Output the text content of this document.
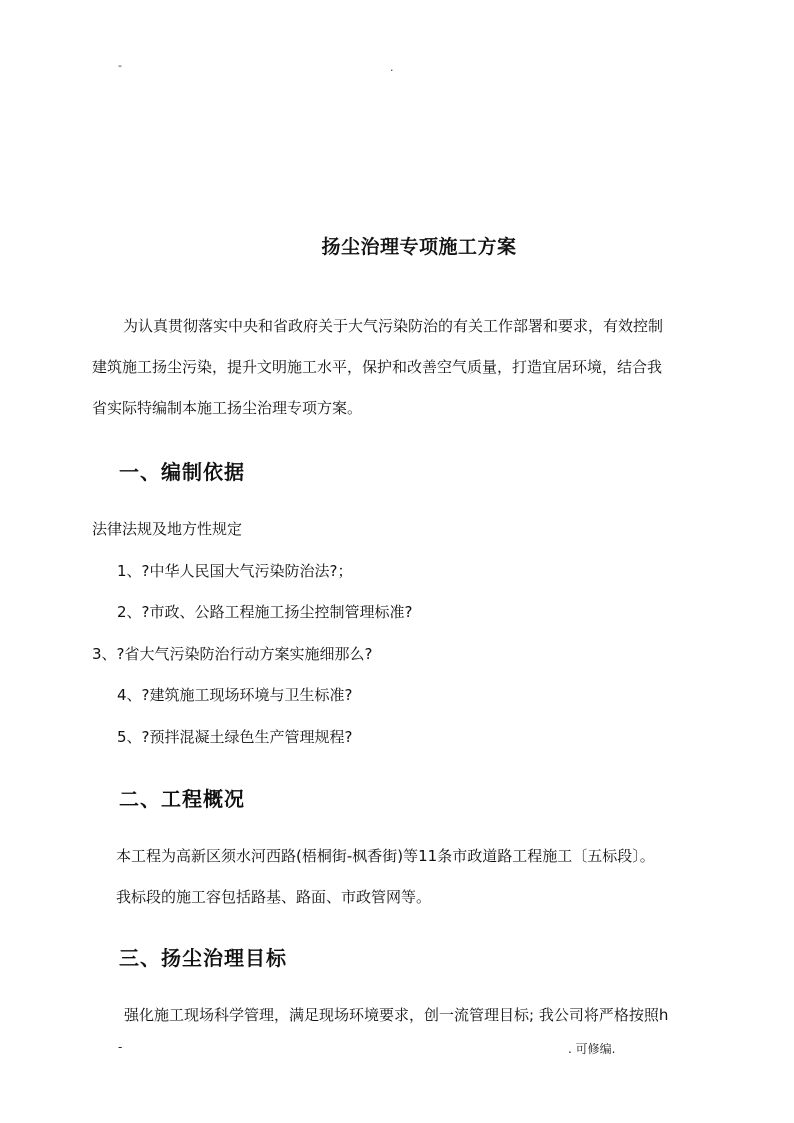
-	.
扬尘治理专项施工方案
为认真贯彻落实中央和省政府关于大气污染防治的有关工作部署和要求，有效控制
建筑施工扬尘污染，提升文明施工水平，保护和改善空气质量，打造宜居环境，结合我
省实际特编制本施工扬尘治理专项方案。
一、编制依据
法律法规及地方性规定
1、?中华人民国大气污染防治法?；
2、?市政、公路工程施工扬尘控制管理标准?
3、?省大气污染防治行动方案实施细那么?
4、?建筑施工现场环境与卫生标准?
5、?预拌混凝土绿色生产管理规程?
二、工程概况
本工程为高新区须水河西路(梧桐街-枫香街)等11条市政道路工程施工〔五标段〕。
我标段的施工容包括路基、路面、市政管网等。
三、扬尘治理目标
强化施工现场科学管理，满足现场环境要求，创一流管理目标; 我公司将严格按照h
-	. 可修编.
